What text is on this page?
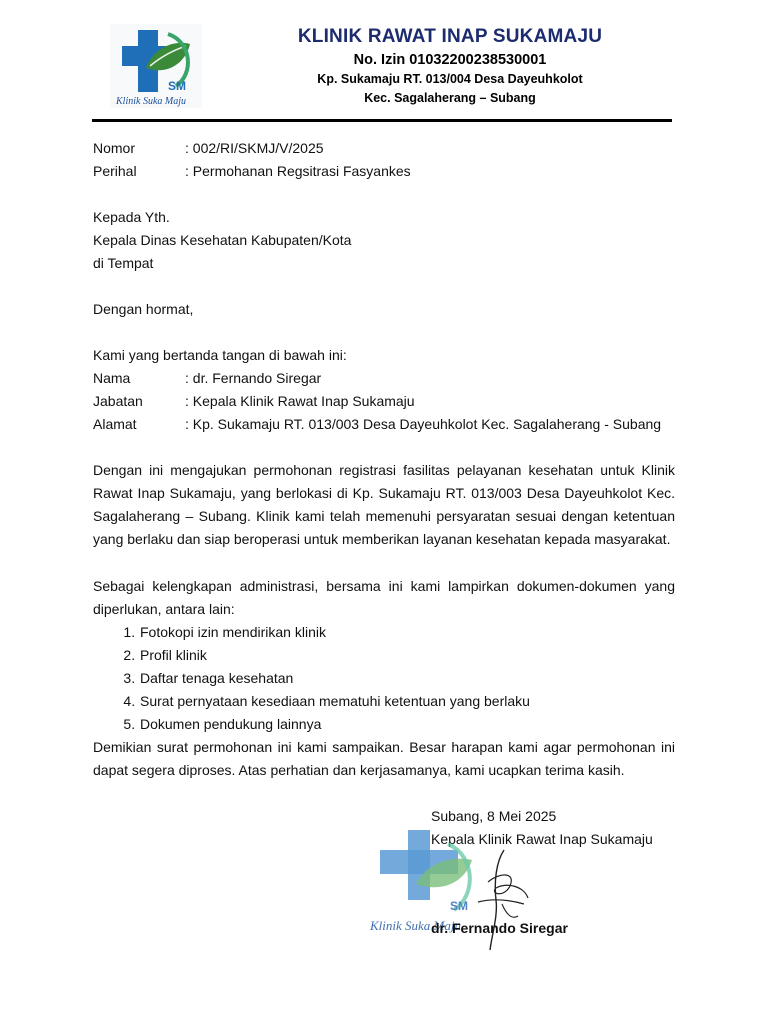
SM
Klinik Suka Maju
KLINIK RAWAT INAP SUKAMAJU
No. Izin 01032200238530001
Kp. Sukamaju RT. 013/004 Desa Dayeuhkolot
Kec. Sagalaherang – Subang
Nomor	: 002/RI/SKMJ/V/2025
Perihal	: Permohanan Regsitrasi Fasyankes
Kepada Yth.
Kepala Dinas Kesehatan Kabupaten/Kota
di Tempat
Dengan hormat,
Kami yang bertanda tangan di bawah ini:
Nama	: dr. Fernando Siregar
Jabatan	: Kepala Klinik Rawat Inap Sukamaju
Alamat	: Kp. Sukamaju RT. 013/003 Desa Dayeuhkolot Kec. Sagalaherang - Subang
Dengan ini mengajukan permohonan registrasi fasilitas pelayanan kesehatan untuk Klinik Rawat Inap Sukamaju, yang berlokasi di Kp. Sukamaju RT. 013/003 Desa Dayeuhkolot Kec. Sagalaherang – Subang. Klinik kami telah memenuhi persyaratan sesuai dengan ketentuan yang berlaku dan siap beroperasi untuk memberikan layanan kesehatan kepada masyarakat.
Sebagai kelengkapan administrasi, bersama ini kami lampirkan dokumen-dokumen yang diperlukan, antara lain:
1. Fotokopi izin mendirikan klinik
2. Profil klinik
3. Daftar tenaga kesehatan
4. Surat pernyataan kesediaan mematuhi ketentuan yang berlaku
5. Dokumen pendukung lainnya
Demikian surat permohonan ini kami sampaikan. Besar harapan kami agar permohonan ini dapat segera diproses. Atas perhatian dan kerjasamanya, kami ucapkan terima kasih.
Subang, 8 Mei 2025
Kepala Klinik Rawat Inap Sukamaju
SM
Klinik Suka Maju
dr. Fernando Siregar
